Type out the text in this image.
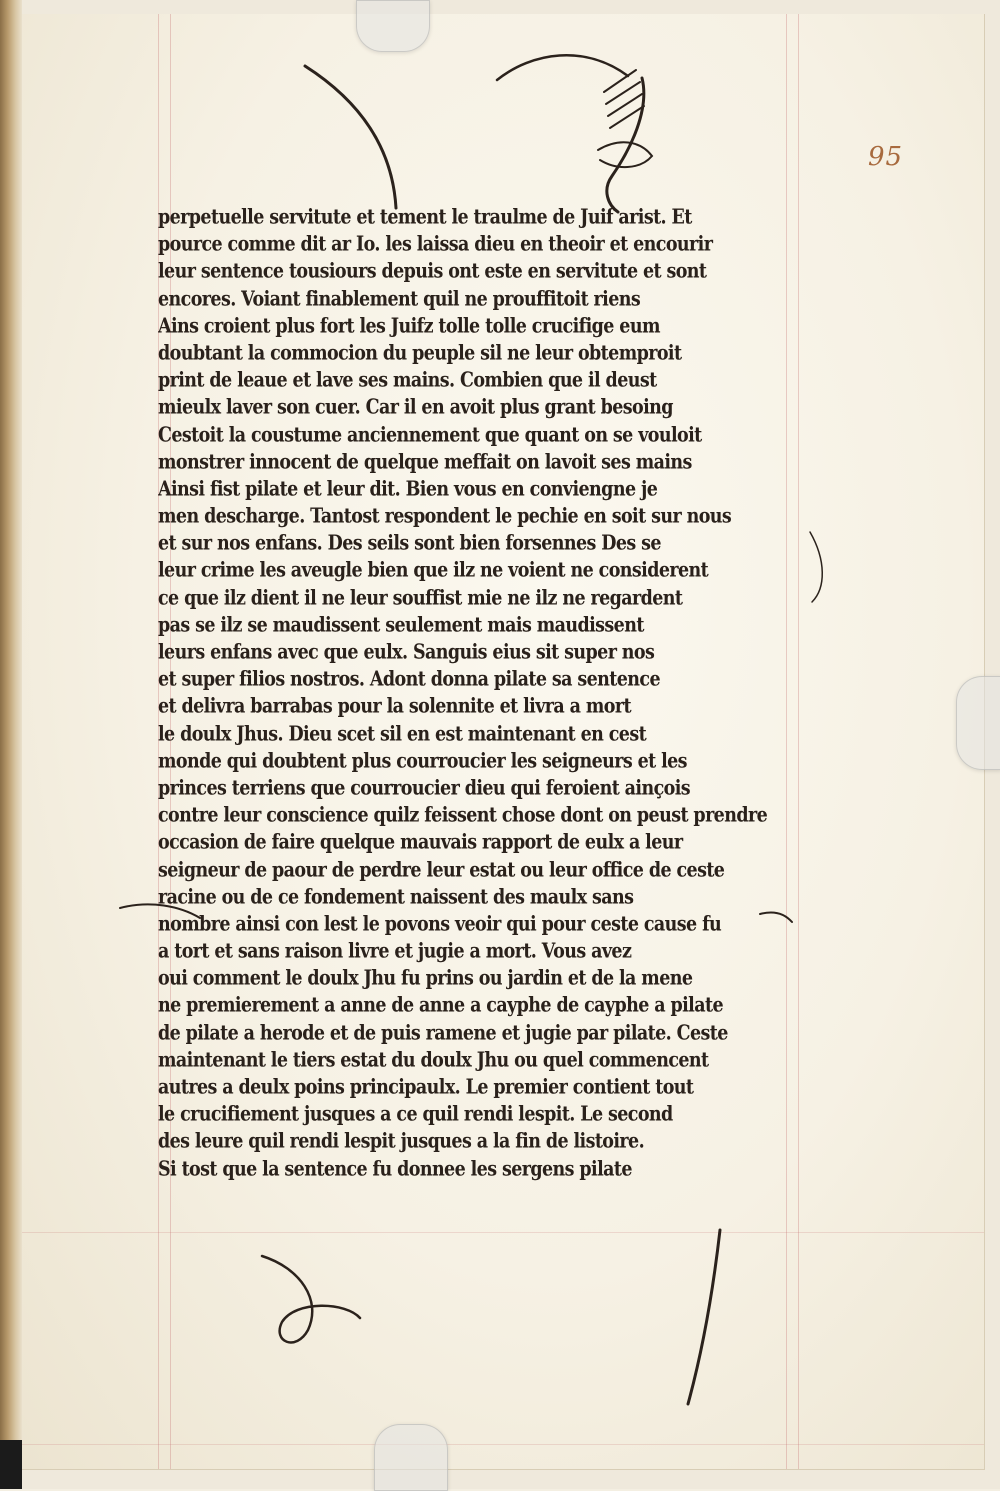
95
perpetuelle servitute et tement le traulme de Juif arist. Et
pource comme dit ar Io. les laissa dieu en theoir et encourir
leur sentence tousiours depuis ont este en servitute et sont
encores. Voiant finablement quil ne prouffitoit riens
Ains croient plus fort les Juifz tolle tolle crucifige eum
doubtant la commocion du peuple sil ne leur obtemproit
print de leaue et lave ses mains. Combien que il deust
mieulx laver son cuer. Car il en avoit plus grant besoing
Cestoit la coustume anciennement que quant on se vouloit
monstrer innocent de quelque meffait on lavoit ses mains
Ainsi fist pilate et leur dit. Bien vous en conviengne je
men descharge. Tantost respondent le pechie en soit sur nous
et sur nos enfans. Des seils sont bien forsennes Des se
leur crime les aveugle bien que ilz ne voient ne considerent
ce que ilz dient il ne leur souffist mie ne ilz ne regardent
pas se ilz se maudissent seulement mais maudissent
leurs enfans avec que eulx. Sanguis eius sit super nos
et super filios nostros. Adont donna pilate sa sentence
et delivra barrabas pour la solennite et livra a mort
le doulx Jhus. Dieu scet sil en est maintenant en cest
monde qui doubtent plus courroucier les seigneurs et les
princes terriens que courroucier dieu qui feroient ainçois
contre leur conscience quilz feissent chose dont on peust prendre
occasion de faire quelque mauvais rapport de eulx a leur
seigneur de paour de perdre leur estat ou leur office de ceste
racine ou de ce fondement naissent des maulx sans
nombre ainsi con lest le povons veoir qui pour ceste cause fu
a tort et sans raison livre et jugie a mort. Vous avez
oui comment le doulx Jhu fu prins ou jardin et de la mene
ne premierement a anne de anne a cayphe de cayphe a pilate
de pilate a herode et de puis ramene et jugie par pilate. Ceste
maintenant le tiers estat du doulx Jhu ou quel commencent
autres a deulx poins principaulx. Le premier contient tout
le crucifiement jusques a ce quil rendi lespit. Le second
des leure quil rendi lespit jusques a la fin de listoire.
Si tost que la sentence fu donnee les sergens pilate
